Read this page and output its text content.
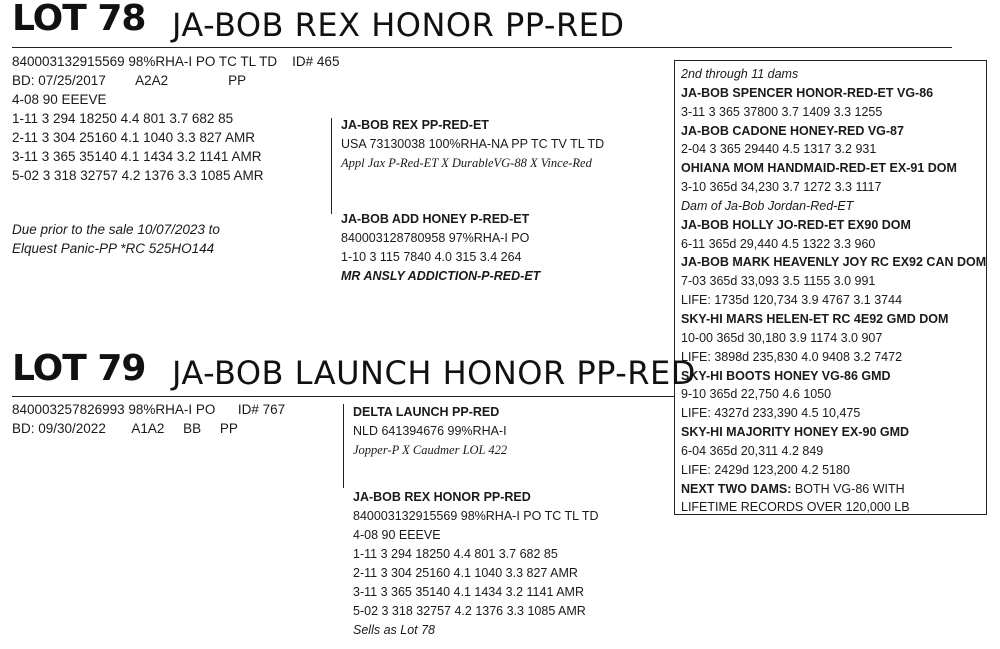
LOT 78 JA-BOB REX HONOR PP-RED
840003132915569 98%RHA-I PO TC TL TD    ID# 465
BD: 07/25/2017        A2A2                PP
4-08 90 EEEVE
1-11 3 294 18250 4.4 801 3.7 682 85
2-11 3 304 25160 4.1 1040 3.3 827 AMR
3-11 3 365 35140 4.1 1434 3.2 1141 AMR
5-02 3 318 32757 4.2 1376 3.3 1085 AMR
Due prior to the sale 10/07/2023 to
Elquest Panic-PP *RC 525HO144
JA-BOB REX PP-RED-ET
USA 73130038 100%RHA-NA PP TC TV TL TD
Appl Jax P-Red-ET X DurableVG-88 X Vince-Red
JA-BOB ADD HONEY P-RED-ET
840003128780958 97%RHA-I PO
1-10 3 115 7840 4.0 315 3.4 264
MR ANSLY ADDICTION-P-RED-ET
2nd through 11 dams
JA-BOB SPENCER HONOR-RED-ET VG-86
3-11 3 365 37800 3.7 1409 3.3 1255
JA-BOB CADONE HONEY-RED VG-87
2-04 3 365 29440 4.5 1317 3.2 931
OHIANA MOM HANDMAID-RED-ET EX-91 DOM
3-10 365d 34,230 3.7 1272 3.3 1117
Dam of Ja-Bob Jordan-Red-ET
JA-BOB HOLLY JO-RED-ET EX90 DOM
6-11 365d 29,440 4.5 1322 3.3 960
JA-BOB MARK HEAVENLY JOY RC EX92 CAN DOM
7-03 365d 33,093 3.5 1155 3.0 991
LIFE: 1735d 120,734 3.9 4767 3.1 3744
SKY-HI MARS HELEN-ET RC 4E92 GMD DOM
10-00 365d 30,180 3.9 1174 3.0 907
LIFE: 3898d 235,830 4.0 9408 3.2 7472
SKY-HI BOOTS HONEY VG-86 GMD
9-10 365d 22,750 4.6 1050
LIFE: 4327d 233,390 4.5 10,475
SKY-HI MAJORITY HONEY EX-90 GMD
6-04 365d 20,311 4.2 849
LIFE: 2429d 123,200 4.2 5180
NEXT TWO DAMS: BOTH VG-86 WITH
LIFETIME RECORDS OVER 120,000 LB
LOT 79 JA-BOB LAUNCH HONOR PP-RED
840003257826993 98%RHA-I PO      ID# 767
BD: 09/30/2022       A1A2     BB     PP
DELTA LAUNCH PP-RED
NLD 641394676 99%RHA-I
Jopper-P X Caudmer LOL 422
JA-BOB REX HONOR PP-RED
840003132915569 98%RHA-I PO TC TL TD
4-08 90 EEEVE
1-11 3 294 18250 4.4 801 3.7 682 85
2-11 3 304 25160 4.1 1040 3.3 827 AMR
3-11 3 365 35140 4.1 1434 3.2 1141 AMR
5-02 3 318 32757 4.2 1376 3.3 1085 AMR
Sells as Lot 78
